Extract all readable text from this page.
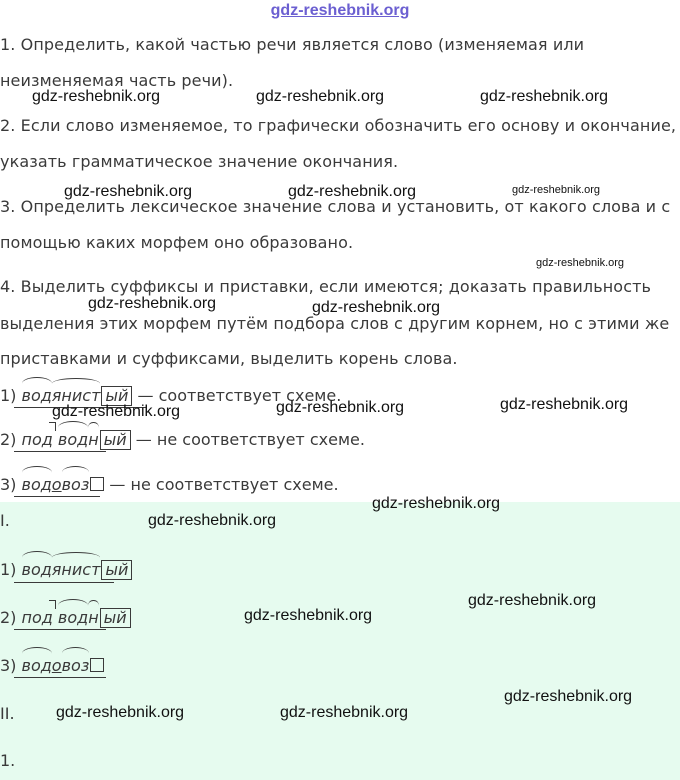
gdz-reshebnik.org
1. Определить, какой частью речи является слово (изменяемая или
неизменяемая часть речи).
2. Если слово изменяемое, то графически обозначить его основу и окончание,
указать грамматическое значение окончания.
3. Определить лексическое значение слова и установить, от какого слова и с
помощью каких морфем оно образовано.
4. Выделить суффиксы и приставки, если имеются; доказать правильность
выделения этих морфем путём подбора слов с другим корнем, но с этими же
приставками и суффиксами, выделить корень слова.
1) водянист ый — соответствует схеме.
2) под водн ый — не соответствует схеме.
3) водовоз — не соответствует схеме.
I.
1) водянист ый
2) под водн ый
3) водовоз
II.
1.
gdz-reshebnik.org	gdz-reshebnik.org	gdz-reshebnik.org
gdz-reshebnik.org	gdz-reshebnik.org	gdz-reshebnik.org
gdz-reshebnik.org
gdz-reshebnik.org	gdz-reshebnik.org
gdz-reshebnik.org	gdz-reshebnik.org	gdz-reshebnik.org
gdz-reshebnik.org
gdz-reshebnik.org
gdz-reshebnik.org
gdz-reshebnik.org
gdz-reshebnik.org
gdz-reshebnik.org	gdz-reshebnik.org
